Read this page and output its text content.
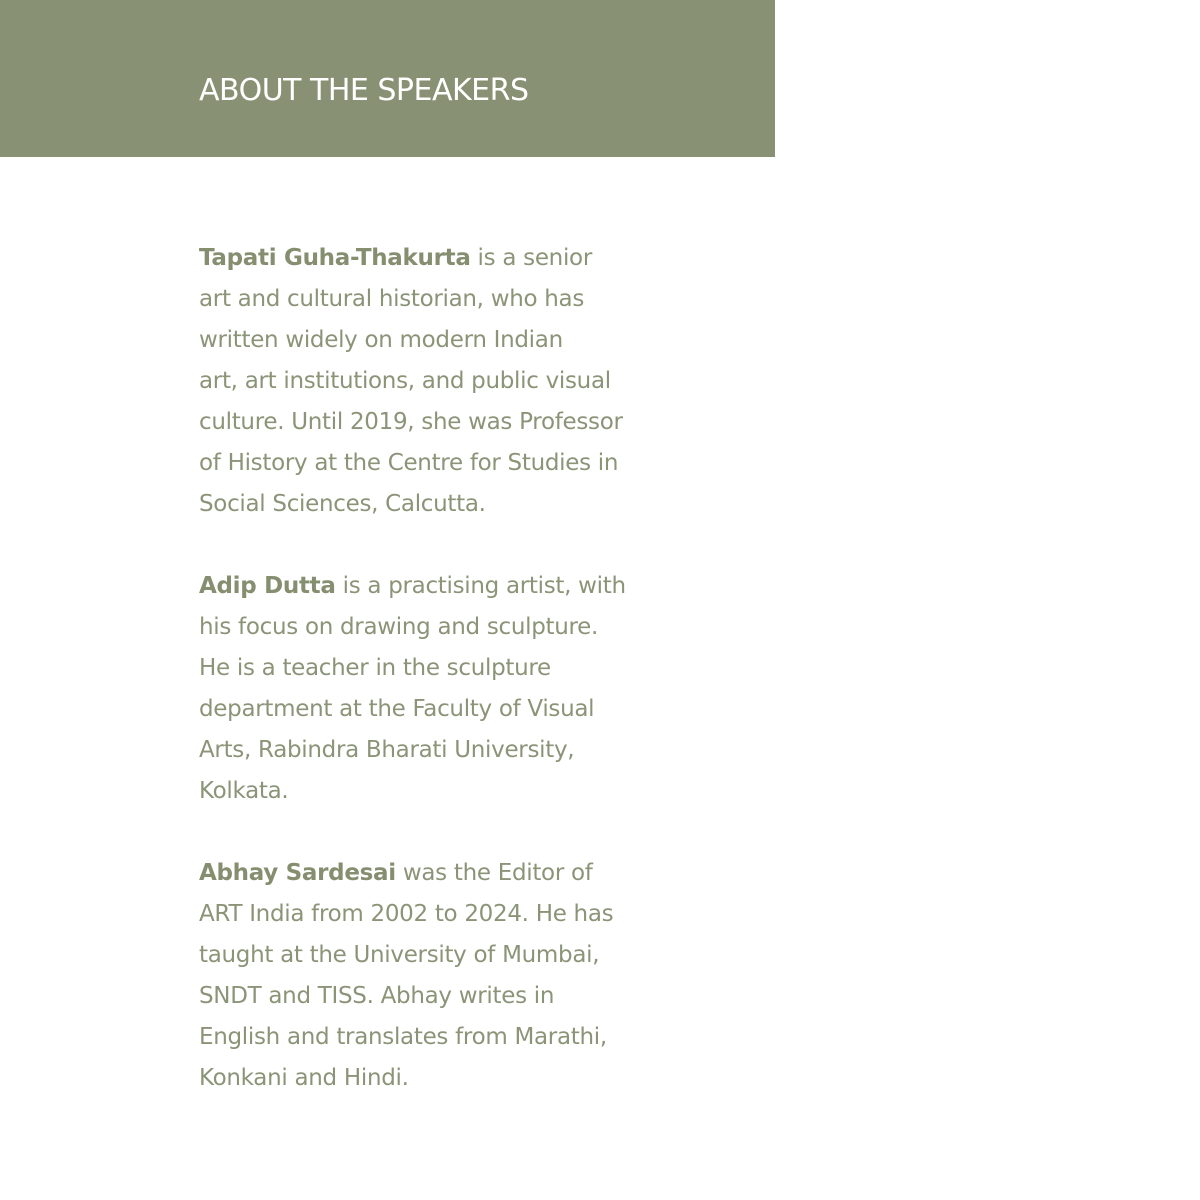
ABOUT THE SPEAKERS

Tapati Guha-Thakurta is a senior
art and cultural historian, who has
written widely on modern Indian
art, art institutions, and public visual
culture. Until 2019, she was Professor
of History at the Centre for Studies in
Social Sciences, Calcutta.

Adip Dutta is a practising artist, with
his focus on drawing and sculpture.
He is a teacher in the sculpture
department at the Faculty of Visual
Arts, Rabindra Bharati University,
Kolkata.

Abhay Sardesai was the Editor of
ART India from 2002 to 2024. He has
taught at the University of Mumbai,
SNDT and TISS. Abhay writes in
English and translates from Marathi,
Konkani and Hindi.
